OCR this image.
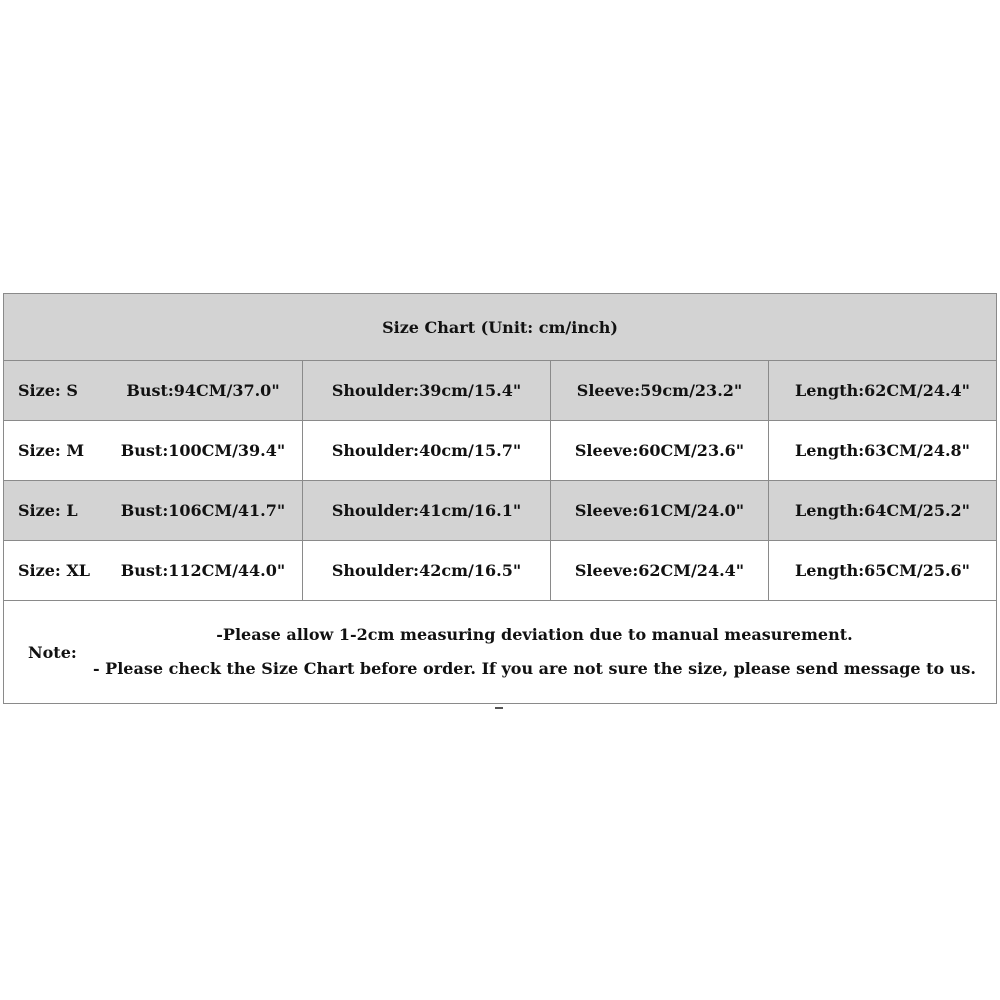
Size Chart (Unit: cm/inch)			

Size: S Bust:94CM/37.0"	Shoulder:39cm/15.4"	Sleeve:59cm/23.2"	Length:62CM/24.4"

Size: M Bust:100CM/39.4"	Shoulder:40cm/15.7"	Sleeve:60CM/23.6"	Length:63CM/24.8"

Size: L Bust:106CM/41.7"	Shoulder:41cm/16.1"	Sleeve:61CM/24.0"	Length:64CM/25.2"

Size: XL Bust:112CM/44.0"	Shoulder:42cm/16.5"	Sleeve:62CM/24.4"	Length:65CM/25.6"

Note:
-Please allow 1-2cm measuring deviation due to manual measurement.
- Please check the Size Chart before order. If you are not sure the size, please send message to us.			
